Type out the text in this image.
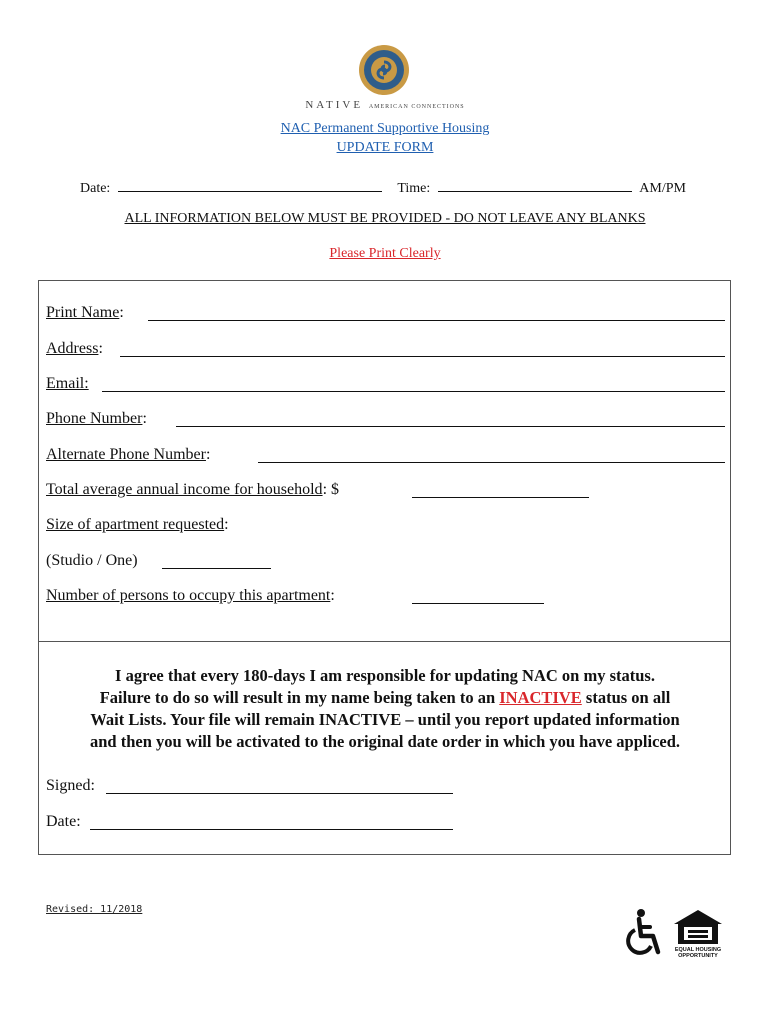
NATIVE AMERICAN CONNECTIONS
NAC Permanent Supportive Housing
UPDATE FORM
Date:	Time:	AM/PM
ALL INFORMATION BELOW MUST BE PROVIDED - DO NOT LEAVE ANY BLANKS
Please Print Clearly
Print Name:
Address:
Email:
Phone Number:
Alternate Phone Number:
Total average annual income for household: $
Size of apartment requested:
(Studio / One)
Number of persons to occupy this apartment:
I agree that every 180-days I am responsible for updating NAC on my status.
Failure to do so will result in my name being taken to an INACTIVE status on all
Wait Lists. Your file will remain INACTIVE – until you report updated information
and then you will be activated to the original date order in which you have appliced.
Signed:
Date:
Revised: 11/2018
EQUAL HOUSING
OPPORTUNITY
